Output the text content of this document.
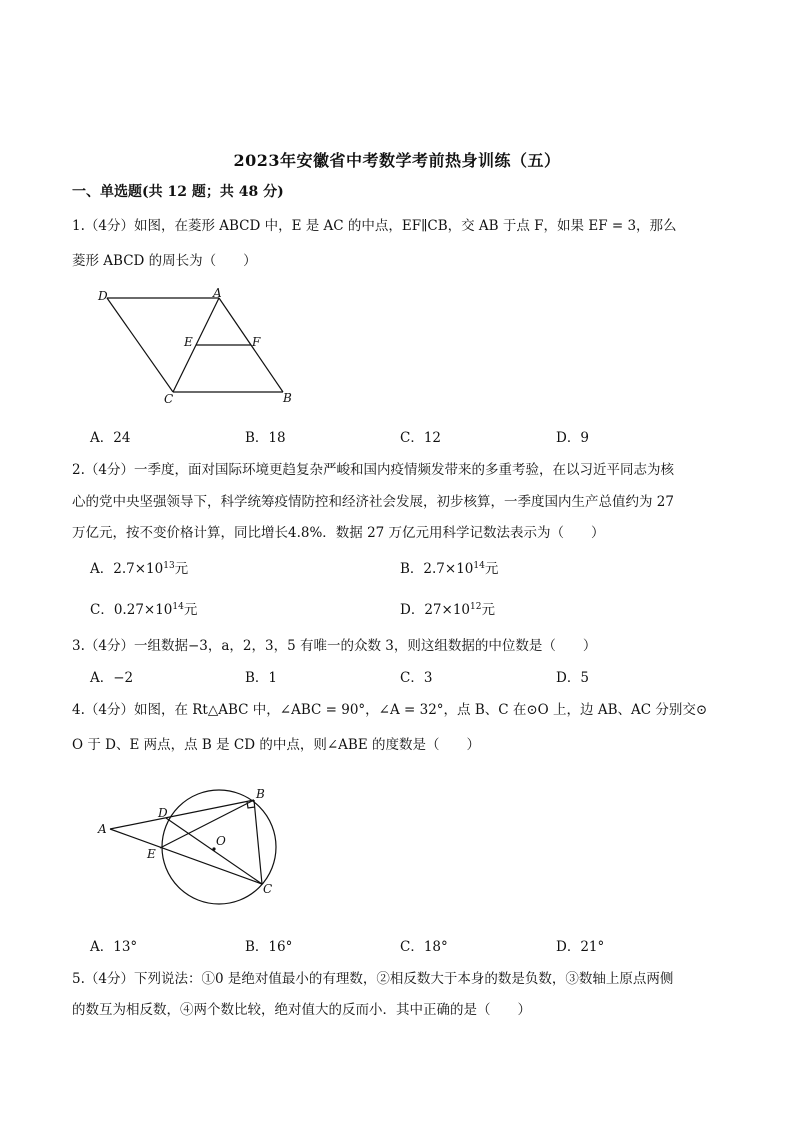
2023年安徽省中考数学考前热身训练（五）
一、单选题(共 12 题；共 48 分)
1.（4分）如图，在菱形 ABCD 中，E 是 AC 的中点，EF∥CB，交 AB 于点 F，如果 EF = 3，那么
菱形 ABCD 的周长为（　　）
D	A
E	F
C	B
A．24	B．18	C．12	D．9
2.（4分）一季度，面对国际环境更趋复杂严峻和国内疫情频发带来的多重考验，在以习近平同志为核
心的党中央坚强领导下，科学统筹疫情防控和经济社会发展，初步核算，一季度国内生产总值约为 27
万亿元，按不变价格计算，同比增长4.8%．数据 27 万亿元用科学记数法表示为（　　）
A．$2.7\times 10^{13}$元	B．$2.7\times 10^{14}$元
C．$0.27\times 10^{14}$元	D．$27\times 10^{12}$元
3.（4分）一组数据−3，a，2，3，5 有唯一的众数 3，则这组数据的中位数是（　　）
A．−2	B．1	C．3	D．5
4.（4分）如图，在 Rt△ABC 中，∠ABC = 90°，∠A = 32°，点 B、C 在⊙O 上，边 AB、AC 分别交⊙
O 于 D、E 两点，点 B 是 CD 的中点，则∠ABE 的度数是（　　）
A
B
C
D
E
O
A．13°	B．16°	C．18°	D．21°
5.（4分）下列说法：①0 是绝对值最小的有理数，②相反数大于本身的数是负数，③数轴上原点两侧
的数互为相反数，④两个数比较，绝对值大的反而小．其中正确的是（　　）
